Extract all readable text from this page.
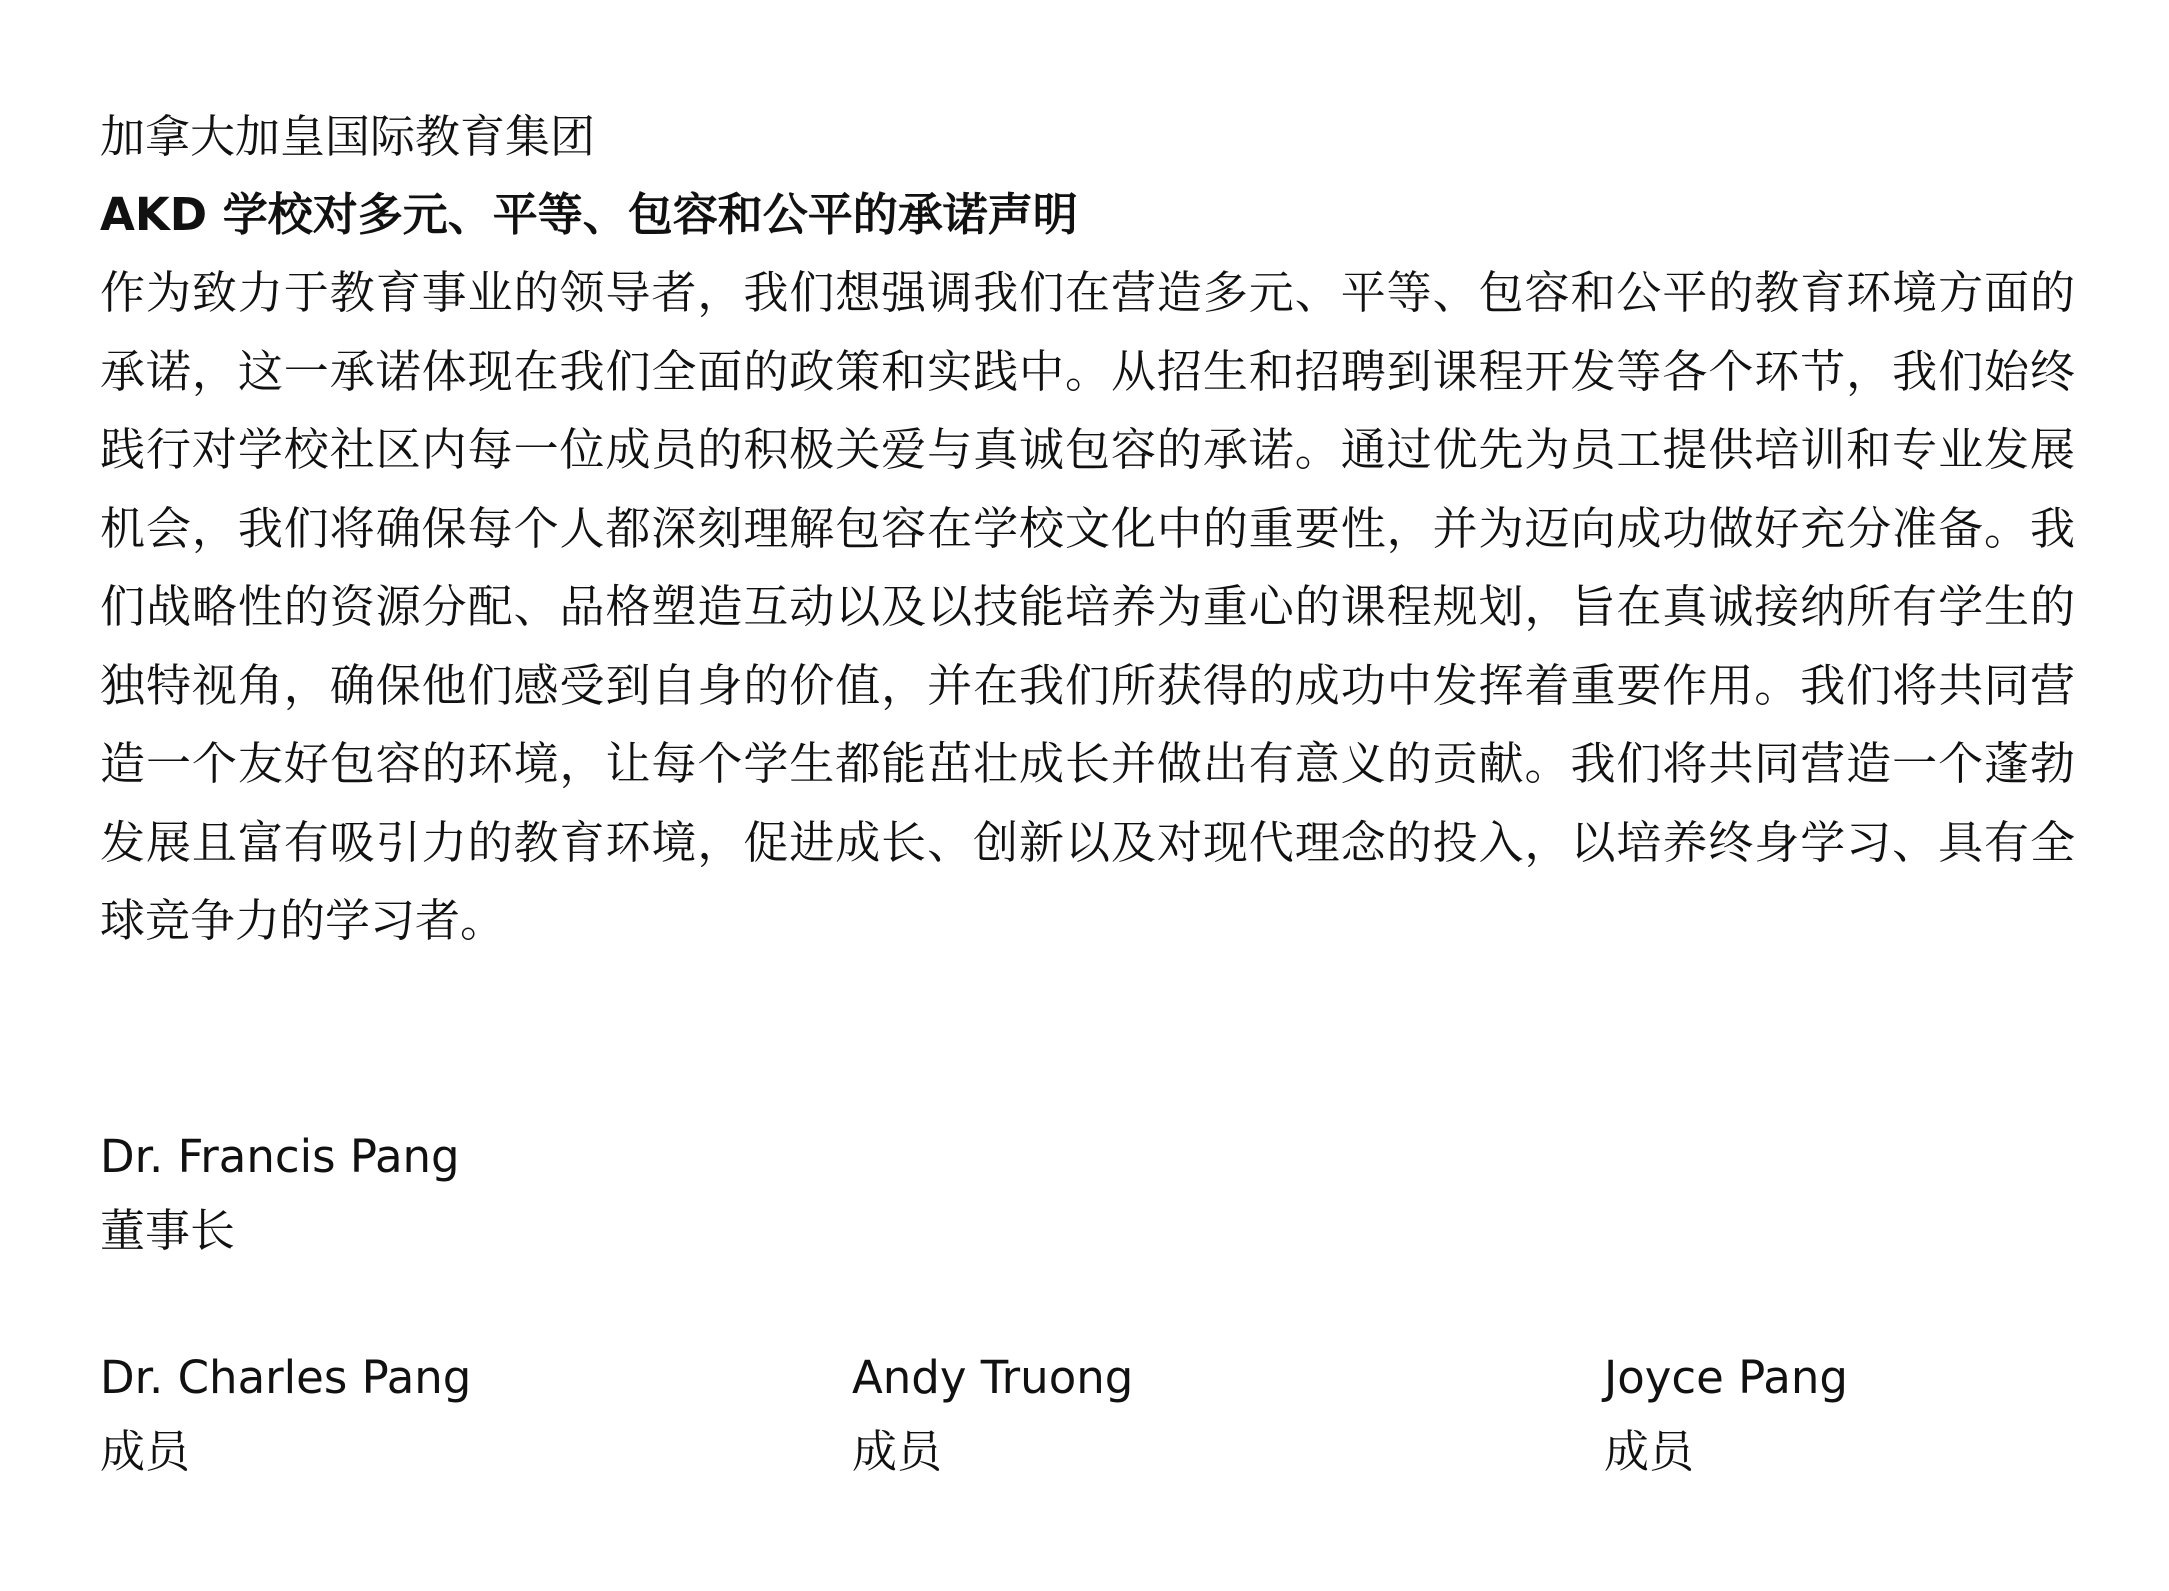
加拿大加皇国际教育集团

AKD 学校对多元、平等、包容和公平的承诺声明

作为致力于教育事业的领导者，我们想强调我们在营造多元、平等、包容和公平的教育环境方面的承诺，这一承诺体现在我们全面的政策和实践中。从招生和招聘到课程开发等各个环节，我们始终践行对学校社区内每一位成员的积极关爱与真诚包容的承诺。通过优先为员工提供培训和专业发展机会，我们将确保每个人都深刻理解包容在学校文化中的重要性，并为迈向成功做好充分准备。我们战略性的资源分配、品格塑造互动以及以技能培养为重心的课程规划，旨在真诚接纳所有学生的独特视角，确保他们感受到自身的价值，并在我们所获得的成功中发挥着重要作用。我们将共同营造一个友好包容的环境，让每个学生都能茁壮成长并做出有意义的贡献。我们将共同营造一个蓬勃发展且富有吸引力的教育环境，促进成长、创新以及对现代理念的投入，以培养终身学习、具有全球竞争力的学习者。

Dr. Francis Pang

董事长

Dr. Charles Pang

成员

Andy Truong

成员

Joyce Pang

成员
